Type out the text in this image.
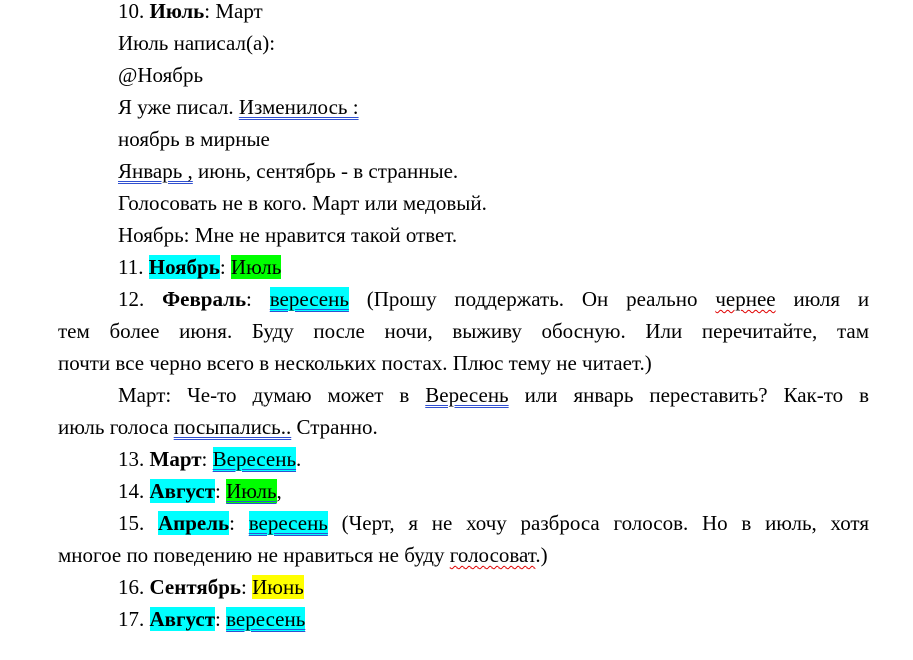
10. Июль: Март
Июль написал(а):
@Ноябрь
Я уже писал. Изменилось :
ноябрь в мирные
Январь , июнь, сентябрь - в странные.
Голосовать не в кого. Март или медовый.
Ноябрь: Мне не нравится такой ответ.
11. Ноябрь: Июль
12. Февраль: вересень (Прошу поддержать. Он реально чернее июля и
тем более июня. Буду после ночи, выживу обосную. Или перечитайте, там
почти все черно всего в нескольких постах. Плюс тему не читает.)
Март: Че-то думаю может в Вересень или январь переставить? Как-то в
июль голоса посыпались.. Странно.
13. Март: Вересень.
14. Август: Июль,
15. Апрель: вересень (Черт, я не хочу разброса голосов. Но в июль, хотя
многое по поведению не нравиться не буду голосоват.)
16. Сентябрь: Июнь
17. Август: вересень
